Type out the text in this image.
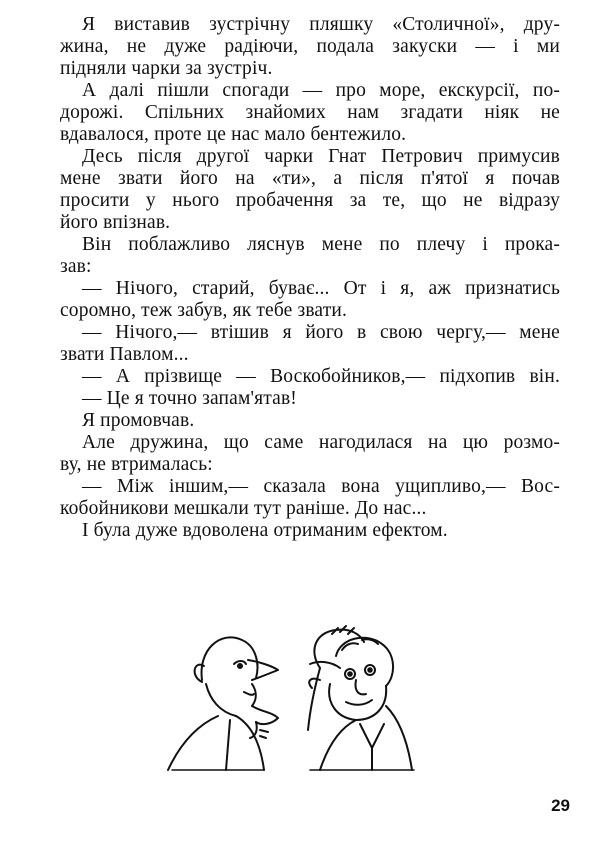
Я виставив зустрічну пляшку «Столичної», дру-
жина, не дуже радіючи, подала закуски — і ми
підняли чарки за зустріч.
А далі пішли спогади — про море, екскурсії, по-
дорожі. Спільних знайомих нам згадати ніяк не
вдавалося, проте це нас мало бентежило.
Десь після другої чарки Гнат Петрович примусив
мене звати його на «ти», а після п'ятої я почав
просити у нього пробачення за те, що не відразу
його впізнав.
Він поблажливо ляснув мене по плечу і прока-
зав:
— Нічого, старий, буває... От і я, аж признатись
соромно, теж забув, як тебе звати.
— Нічого,— втішив я його в свою чергу,— мене
звати Павлом...
— А прізвище — Воскобойников,— підхопив він.
— Це я точно запам'ятав!
Я промовчав.
Але дружина, що саме нагодилася на цю розмо-
ву, не втрималась:
— Між іншим,— сказала вона ущипливо,— Вос-
кобойникови мешкали тут раніше. До нас...
І була дуже вдоволена отриманим ефектом.
29
